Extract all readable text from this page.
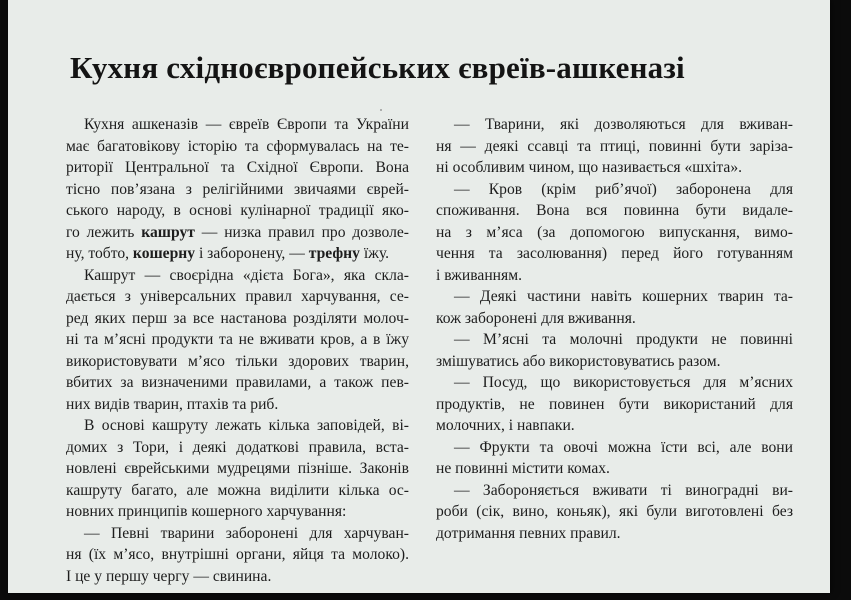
Кухня східноєвропейських євреїв-ашкеназі
Кухня ашкеназів — євреїв Європи та України
має багатовікову історію та сформувалась на те-
риторії Центральної та Східної Європи. Вона
тісно пов’язана з релігійними звичаями єврей-
ського народу, в основі кулінарної традиції яко-
го лежить кашрут — низка правил про дозволе-
ну, тобто, кошерну і заборонену, — трефну їжу.
Кашрут — своєрідна «дієта Бога», яка скла-
дається з універсальних правил харчування, се-
ред яких перш за все настанова розділяти молоч-
ні та м’ясні продукти та не вживати кров, а в їжу
використовувати м’ясо тільки здорових тварин,
вбитих за визначеними правилами, а також пев-
них видів тварин, птахів та риб.
В основі кашруту лежать кілька заповідей, ві-
домих з Тори, і деякі додаткові правила, вста-
новлені єврейськими мудрецями пізніше. Законів
кашруту багато, але можна виділити кілька ос-
новних принципів кошерного харчування:
— Певні тварини заборонені для харчуван-
ня (їх м’ясо, внутрішні органи, яйця та молоко).
І це у першу чергу — свинина.
— Тварини, які дозволяються для вживан-
ня — деякі ссавці та птиці, повинні бути заріза-
ні особливим чином, що називається «шхіта».
— Кров (крім риб’ячої) заборонена для
споживання. Вона вся повинна бути видале-
на з м’яса (за допомогою випускання, вимо-
чення та засолювання) перед його готуванням
і вживанням.
— Деякі частини навіть кошерних тварин та-
кож заборонені для вживання.
— М’ясні та молочні продукти не повинні
змішуватись або використовуватись разом.
— Посуд, що використовується для м’ясних
продуктів, не повинен бути використаний для
молочних, і навпаки.
— Фрукти та овочі можна їсти всі, але вони
не повинні містити комах.
— Забороняється вживати ті виноградні ви-
роби (сік, вино, коньяк), які були виготовлені без
дотримання певних правил.
